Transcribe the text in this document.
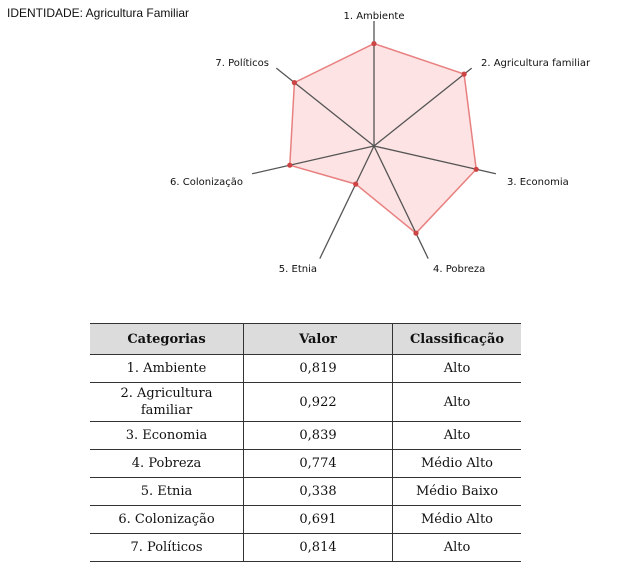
IDENTIDADE: Agricultura Familiar	1. Ambiente
2. Agricultura familiar
3. Economia
4. Pobreza
5. Etnia
6. Colonização
7. Políticos
Categorias	Valor	Classificação
1. Ambiente	0,819	Alto
2. Agricultura familiar	0,922	Alto
3. Economia	0,839	Alto
4. Pobreza	0,774	Médio Alto
5. Etnia	0,338	Médio Baixo
6. Colonização	0,691	Médio Alto
7. Políticos	0,814	Alto
